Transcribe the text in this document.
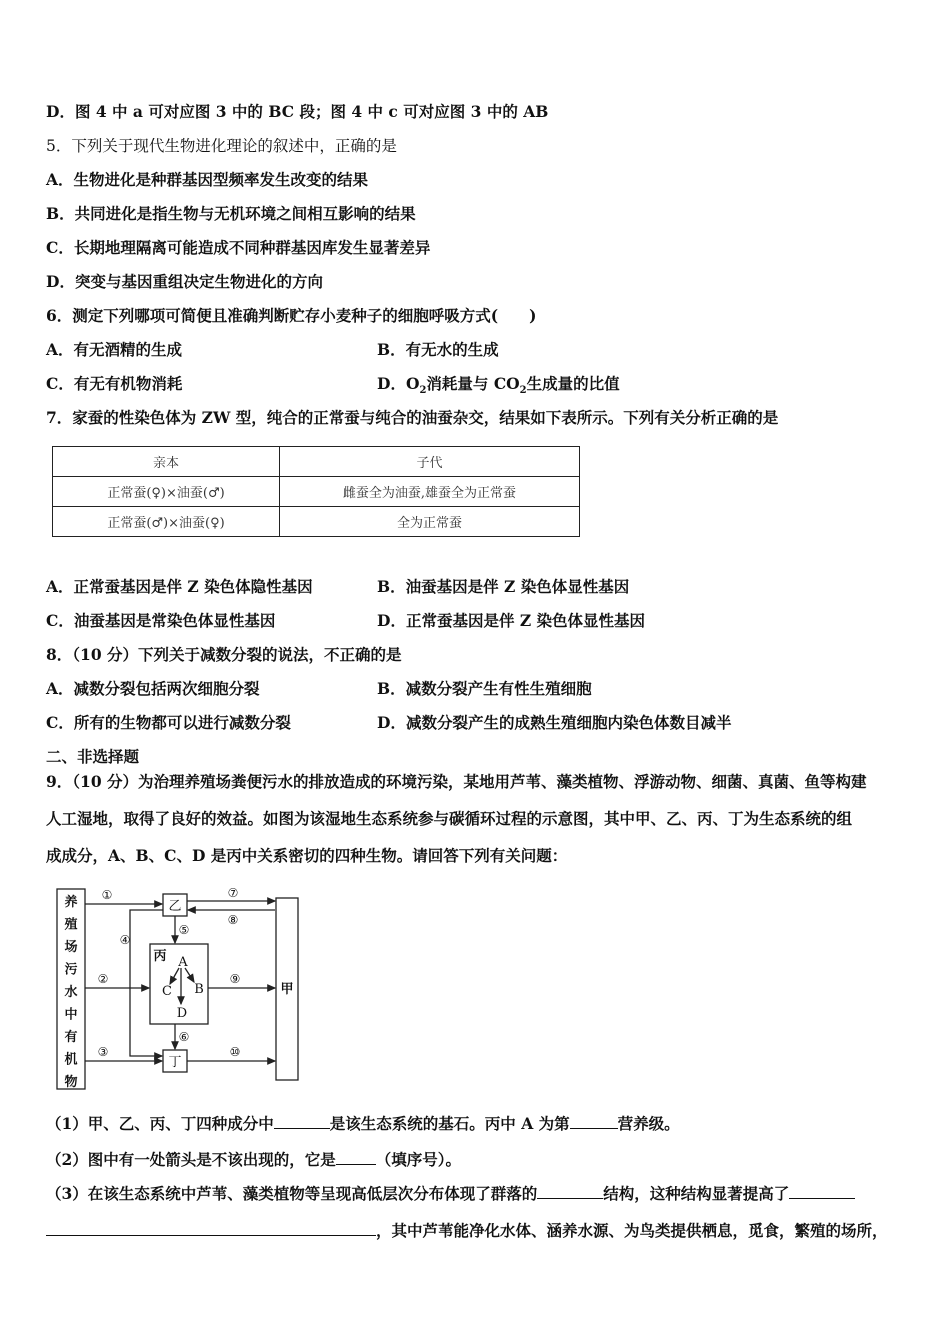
D．图 4 中 a 可对应图 3 中的 BC 段；图 4 中 c 可对应图 3 中的 AB
5．下列关于现代生物进化理论的叙述中，正确的是
A．生物进化是种群基因型频率发生改变的结果
B．共同进化是指生物与无机环境之间相互影响的结果
C．长期地理隔离可能造成不同种群基因库发生显著差异
D．突变与基因重组决定生物进化的方向
6．测定下列哪项可简便且准确判断贮存小麦种子的细胞呼吸方式(　　)
A．有无酒精的生成	B．有无水的生成
C．有无有机物消耗	D．$O_2$消耗量与 $CO_2$生成量的比值
7．家蚕的性染色体为 ZW 型，纯合的正常蚕与纯合的油蚕杂交，结果如下表所示。下列有关分析正确的是
亲本	子代
正常蚕(♀)×油蚕(♂)	雌蚕全为油蚕,雄蚕全为正常蚕
正常蚕(♂)×油蚕(♀)	全为正常蚕
A．正常蚕基因是伴 Z 染色体隐性基因	B．油蚕基因是伴 Z 染色体显性基因
C．油蚕基因是常染色体显性基因	D．正常蚕基因是伴 Z 染色体显性基因
8．（10 分）下列关于减数分裂的说法，不正确的是
A．减数分裂包括两次细胞分裂	B．减数分裂产生有性生殖细胞
C．所有的生物都可以进行减数分裂	D．减数分裂产生的成熟生殖细胞内染色体数目减半
二、非选择题
9．（10 分）为治理养殖场粪便污水的排放造成的环境污染，某地用芦苇、藻类植物、浮游动物、细菌、真菌、鱼等构建
人工湿地，取得了良好的效益。如图为该湿地生态系统参与碳循环过程的示意图，其中甲、乙、丙、丁为生态系统的组
成成分，A、B、C、D 是丙中关系密切的四种生物。请回答下列有关问题：
养
殖
场
污
水
中
有
机
物
乙
丙
丁
甲
A
C B
D
①
②
③
④
⑤
⑥
⑦
⑧
⑨
⑩
（1）甲、乙、丙、丁四种成分中	是该生态系统的基石。丙中 A 为第	营养级。
（2）图中有一处箭头是不该出现的，它是	（填序号）。
（3）在该生态系统中芦苇、藻类植物等呈现高低层次分布体现了群落的	结构，这种结构显著提高了
，其中芦苇能净化水体、涵养水源、为鸟类提供栖息，觅食，繁殖的场所，
